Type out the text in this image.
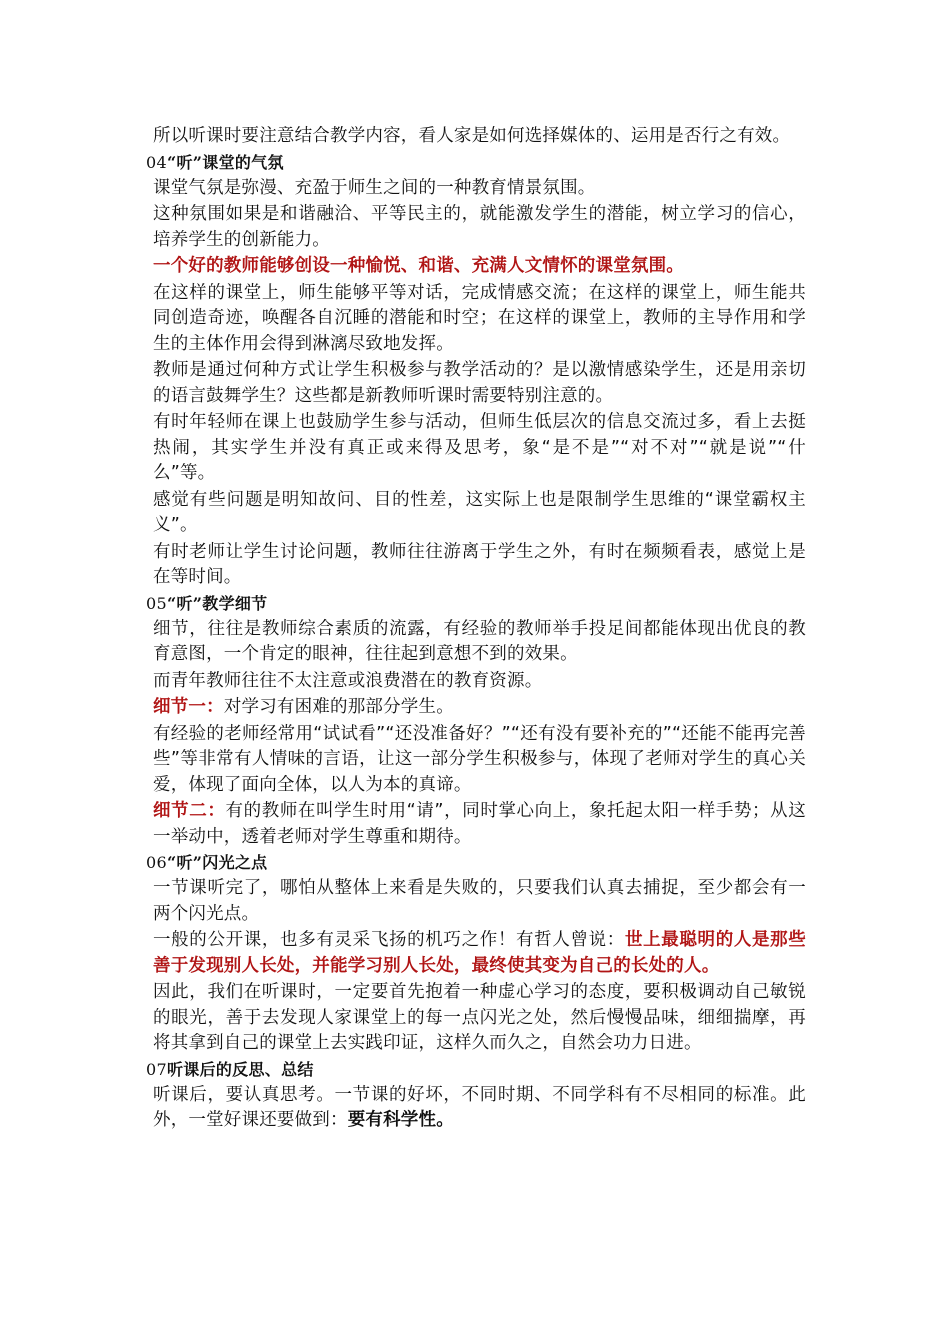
所以听课时要注意结合教学内容，看人家是如何选择媒体的、运用是否行之有效。

04“听”课堂的气氛

课堂气氛是弥漫、充盈于师生之间的一种教育情景氛围。

这种氛围如果是和谐融洽、平等民主的，就能激发学生的潜能，树立学习的信心，培养学生的创新能力。

一个好的教师能够创设一种愉悦、和谐、充满人文情怀的课堂氛围。

在这样的课堂上，师生能够平等对话，完成情感交流；在这样的课堂上，师生能共同创造奇迹，唤醒各自沉睡的潜能和时空；在这样的课堂上，教师的主导作用和学生的主体作用会得到淋漓尽致地发挥。

教师是通过何种方式让学生积极参与教学活动的？是以激情感染学生，还是用亲切的语言鼓舞学生？这些都是新教师听课时需要特别注意的。

有时年轻师在课上也鼓励学生参与活动，但师生低层次的信息交流过多，看上去挺热闹，其实学生并没有真正或来得及思考，象“是不是”“对不对”“就是说”“什么”等。

感觉有些问题是明知故问、目的性差，这实际上也是限制学生思维的“课堂霸权主义”。

有时老师让学生讨论问题，教师往往游离于学生之外，有时在频频看表，感觉上是在等时间。

05“听”教学细节

细节，往往是教师综合素质的流露，有经验的教师举手投足间都能体现出优良的教育意图，一个肯定的眼神，往往起到意想不到的效果。

而青年教师往往不太注意或浪费潜在的教育资源。

细节一：对学习有困难的那部分学生。

有经验的老师经常用“试试看”“还没准备好？”“还有没有要补充的”“还能不能再完善些”等非常有人情味的言语，让这一部分学生积极参与，体现了老师对学生的真心关爱，体现了面向全体，以人为本的真谛。

细节二：有的教师在叫学生时用“请”，同时掌心向上，象托起太阳一样手势；从这一举动中，透着老师对学生尊重和期待。

06“听”闪光之点

一节课听完了，哪怕从整体上来看是失败的，只要我们认真去捕捉，至少都会有一两个闪光点。

一般的公开课，也多有灵采飞扬的机巧之作！有哲人曾说：世上最聪明的人是那些善于发现别人长处，并能学习别人长处，最终使其变为自己的长处的人。

因此，我们在听课时，一定要首先抱着一种虚心学习的态度，要积极调动自己敏锐的眼光，善于去发现人家课堂上的每一点闪光之处，然后慢慢品味，细细揣摩，再将其拿到自己的课堂上去实践印证，这样久而久之，自然会功力日进。

07听课后的反思、总结

听课后，要认真思考。一节课的好坏，不同时期、不同学科有不尽相同的标准。此外，一堂好课还要做到：要有科学性。
